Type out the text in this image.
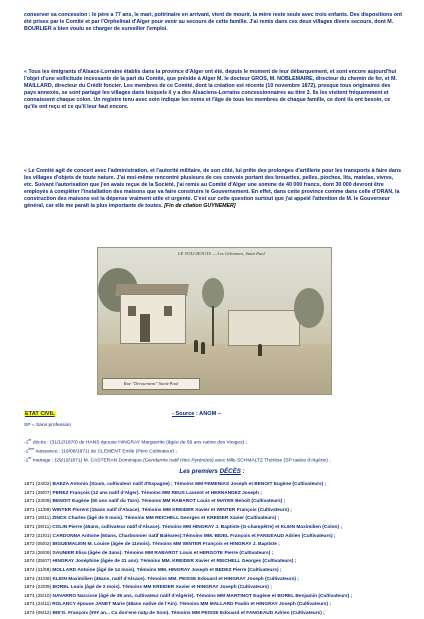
conserver sa concession : le père a 77 ans, le mari, poitrinaire en arrivant, vient de mourir, la mère reste seule avec trois enfants. Des dispositions ont été prises par le Comité et par l'Orphelinat d'Alger pour venir au secours de cette famille. J'ai remis dans ces deux villages divers secours, dont M. BOURLIER a bien voulu se charger de surveiller l'emploi.
« Tous les émigrants d'Alsace-Lorraine établis dans la province d'Alger ont été, depuis le moment de leur débarquement, et sont encore aujourd'hui l'objet d'une sollicitude incessante de la part du Comité, que préside à Alger M. le docteur GROS, M. NOBLEMAIRE, directeur du chemin de fer, et M. MAILLARD, directeur du Crédit foncier. Les membres de ce Comité, dont la création est récente (10 novembre 1872), presque tous originaires des pays annexés, se sont partagé les villages dans lesquels il y a des Alsaciens-Lorrains concessionnaires au titre 2. Ils les visitent fréquemment et connaissent chaque colon. Un registre tenu avec soin indique les noms et l'âge de tous les membres de chaque famille, ce dont ils ont besoin, ce qu'ils ont reçu et ce qu'il leur faut encore.
« Le Comité agit de concert avec l'administration, et l'autorité militaire, de son côté, lui prête des prolonges d'artillerie pour les transports à faire dans les villages d'objets de toute nature. J'ai moi-même rencontré plusieurs de ces convois portant des brouettes, pelles, pioches, lits, matelas, vivres, etc. Suivant l'autorisation que j'en avais reçue de la Société, j'ai remis au Comité d'Alger une somme de 40 000 francs, dont 30 000 devront être employés à compléter l'installation des maisons que va faire construire le Gouvernement. En effet, dans cette province comme dans celle d'ORAN, la construction des maisons est la dépense vraiment utile et urgente. C'est sur cette question surtout que j'ai appelé l'attention de M. le Gouverneur général, car elle me paraît la plus importante de toutes. [Fin de citation GUYNEMER]
LE VOLCHOUTS — Les Gebonnes, Saint Paul
Rue "Dressement" Saint-Paul
ETAT CIVIL	- Source : ANOM –
SP = Sans profession
-1er décès : (31/12/1870) de HANS épouse HINGRAY Marguerite (âgée de 59 ans native des Vosges) ;
$-1^{ière}$ naissance : (18/08/1871) de CLEMENT Emile (Père Cultivateur) ;
-1er mariage : (29/10/1871) M. CASTERAN Dominique (Gendarme natif Htes Pyrénées) avec Mlle SCHMALTZ Thérèse (SP native d'Algérie) ;
Les premiers DÉCÈS :
1871 (24/02) BAEZA Antonio (Soum, cultivateur natif d'Espagne) ; Témoins MM FEMENIAS Joseph et BENOIT Eugène (Cultivateurs) ;
1871 (29/07) PEREZ François (12 ans natif d'Alger). Témoins MM REUS Laurent et HERNANDEZ Joseph ;
1871 (23/09) BENOIT Eugène (50 ans natif du Tarn). Témoins MM RABAROT Louis et MAYER Benoît (Cultivateurs) ;
1871 (11/09) WINTER Florent (15ans natif d'Alsace). Témoins MM KREIDER Xavier et WINTER François (Cultivateurs) ;
1871 (16/11) ZINCK Charles (âgé de 5 mois). Témoins MM REICHELL Georges et KREIDER Xavier (Cultivateurs) ;
1871 (29/11) COLIN Pierre (45ans, cultivateur natif d'Alsace). Témoins MM HINGRAY J. Baptiste (G-champêtre) et KLEIN Maximilien (Colon) ;
1872 (21/01) CARDONNA Antoine (60ans, Charbonnier natif Baléares).Témoins MM. BIDEL François et FANGEAUD Adrien (Cultivateurs) ;
1872 (05/02) BIGUEMALEIN M. Louise (âgée de 11mois). Témoins MM WINTER François et HINGRAY J. Baptiste ;
1873 (26/09) SAUNIER Elisa (âgée de 3ans). Témoins MM RABAROT Louis et HERGOTE Pierre (Cultivateurs) ;
1874 (25/07) HINGRAY Joséphine (âgée de 21 ans). Témoins MM. KREIDER Xavier et REICHELL Georges (Cultivateurs) ;
1874 (11/08) MOLLARD Antoine (âgé de 14 mois). Témoins MM. HINGRAY Joseph et BEDEZ Pierre (Cultivateurs) ;
1874 (31/08) KLEIN Maximilien (45ans, natif d'Alsace). Témoins MM. PEISSE Edouard et HINGRAY Joseph (Cultivateurs) ;
1874 (22/09) BOREL Louis (âgé de 2 mois). Témoins MM KREIDER Xavier et HINGRAY Joseph (Cultivateurs) ;
1874 (25/10) NAVARRO Narcisse (âgé de 35 ans, cultivateur natif d'Algérie). Témoins MM MARTINOT Eugène et BOREL Benjamin (Cultivateurs) ;
1874 (24/11) ROLANCY épouse JANET Marie (48ans native de l'Ain). Témoins MM MALLARD Paulin et HINGRAY Joseph (Cultivateurs) ;
1874 (05/12) BIE'G. François (¥¥¥ an... Ca dos'ene natµ de Som). Témoins MM PEISSE Edouard et FANGEAUD Adrien (Cultivateurs) ;
